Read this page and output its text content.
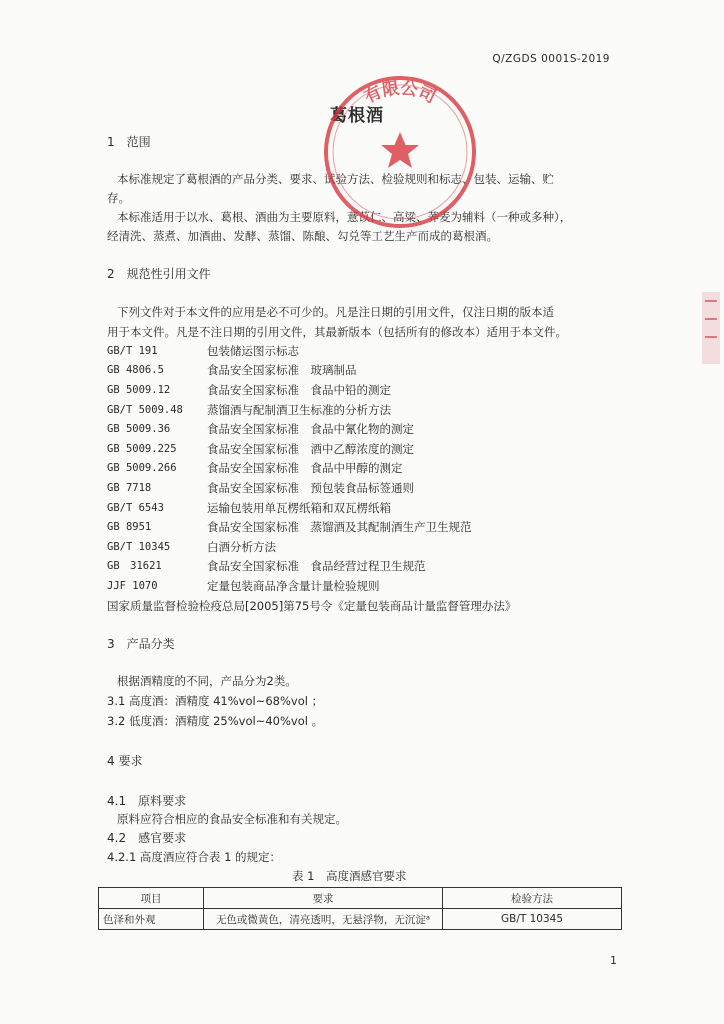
Q/ZGDS 0001S-2019
葛根酒
1　范围
本标准规定了葛根酒的产品分类、要求、试验方法、检验规则和标志、包装、运输、贮
存。
本标准适用于以水、葛根、酒曲为主要原料，薏苡仁、高粱、荞麦为辅料（一种或多种），
经清洗、蒸煮、加酒曲、发酵、蒸馏、陈酿、勾兑等工艺生产而成的葛根酒。
2　规范性引用文件
下列文件对于本文件的应用是必不可少的。凡是注日期的引用文件，仅注日期的版本适
用于本文件。凡是不注日期的引用文件，其最新版本（包括所有的修改本）适用于本文件。
GB/T 191	包装储运图示标志
GB 4806.5	食品安全国家标准　玻璃制品
GB 5009.12	食品安全国家标准　食品中铅的测定
GB/T 5009.48 蒸馏酒与配制酒卫生标准的分析方法
GB 5009.36	食品安全国家标准　食品中氰化物的测定
GB 5009.225	食品安全国家标准　酒中乙醇浓度的测定
GB 5009.266	食品安全国家标准　食品中甲醇的测定
GB 7718	食品安全国家标准　预包装食品标签通则
GB/T 6543	运输包装用单瓦楞纸箱和双瓦楞纸箱
GB 8951	食品安全国家标准　蒸馏酒及其配制酒生产卫生规范
GB/T 10345	白酒分析方法
GB　31621	食品安全国家标准　食品经营过程卫生规范
JJF 1070	定量包装商品净含量计量检验规则
国家质量监督检验检疫总局[2005]第75号令《定量包装商品计量监督管理办法》
3　产品分类
根据酒精度的不同，产品分为2类。
3.1 高度酒：酒精度 41%vol~68%vol ；
3.2 低度酒：酒精度 25%vol~40%vol 。
4 要求
4.1　原料要求
原料应符合相应的食品安全标准和有关规定。
4.2　感官要求
4.2.1 高度酒应符合表 1 的规定：
表 1　高度酒感官要求
项目	要求	检验方法
色泽和外观	无色或微黄色，清亮透明，无悬浮物，无沉淀ᵃ	GB/T 10345
1
有限公司
